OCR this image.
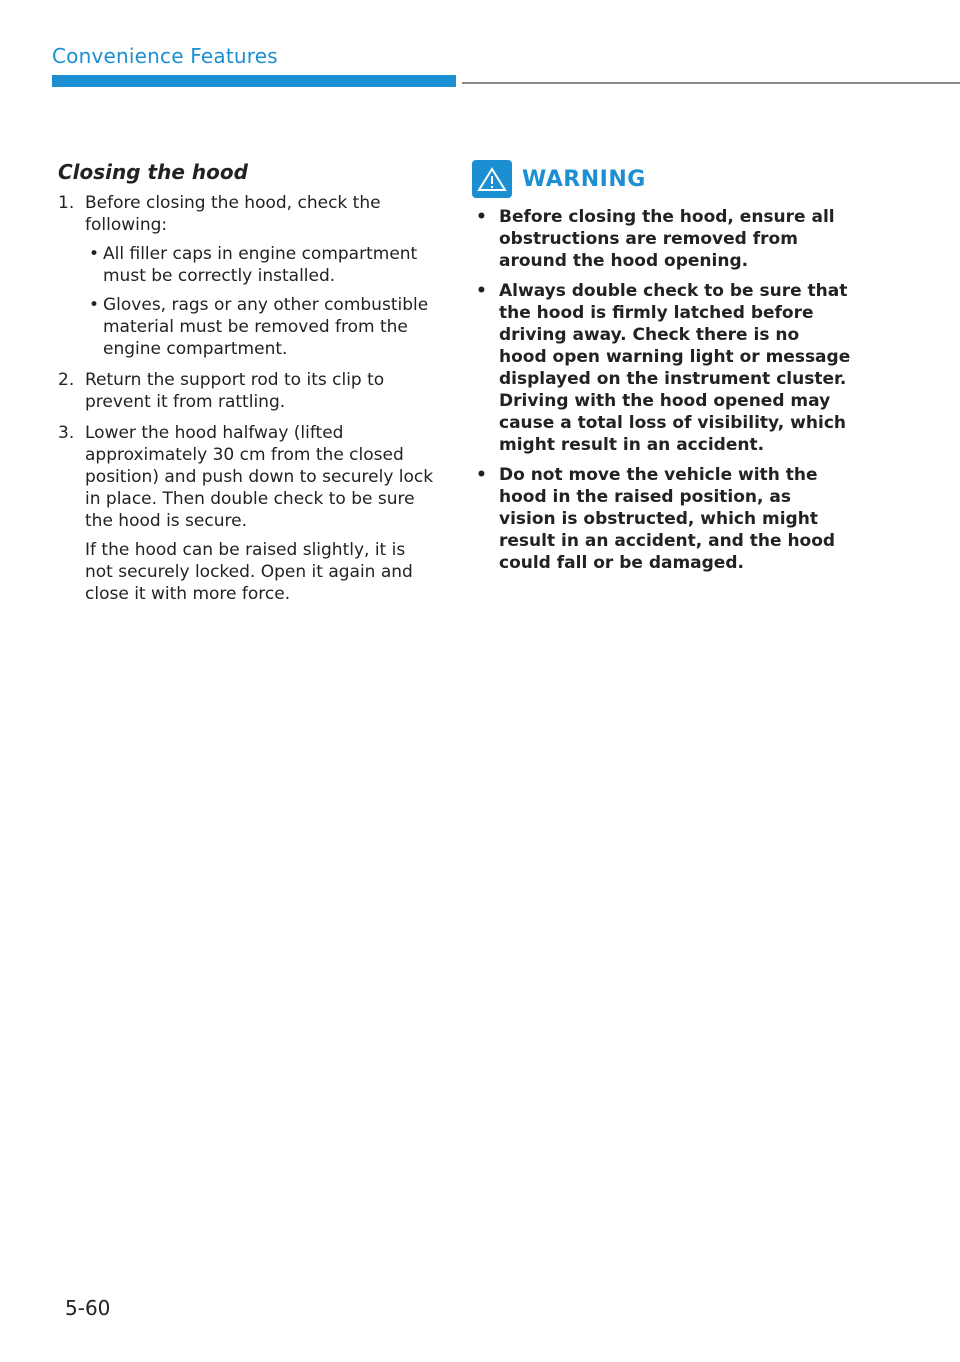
Convenience Features
Closing the hood
1. Before closing the hood, check the following:
• All filler caps in engine compartment must be correctly installed.
• Gloves, rags or any other combustible material must be removed from the engine compartment.
2. Return the support rod to its clip to prevent it from rattling.
3. Lower the hood halfway (lifted approximately 30 cm from the closed position) and push down to securely lock in place. Then double check to be sure the hood is secure.

If the hood can be raised slightly, it is not securely locked. Open it again and close it with more force.

WARNING
• Before closing the hood, ensure all obstructions are removed from around the hood opening.
• Always double check to be sure that the hood is firmly latched before driving away. Check there is no hood open warning light or message displayed on the instrument cluster. Driving with the hood opened may cause a total loss of visibility, which might result in an accident.
• Do not move the vehicle with the hood in the raised position, as vision is obstructed, which might result in an accident, and the hood could fall or be damaged.
5-60
